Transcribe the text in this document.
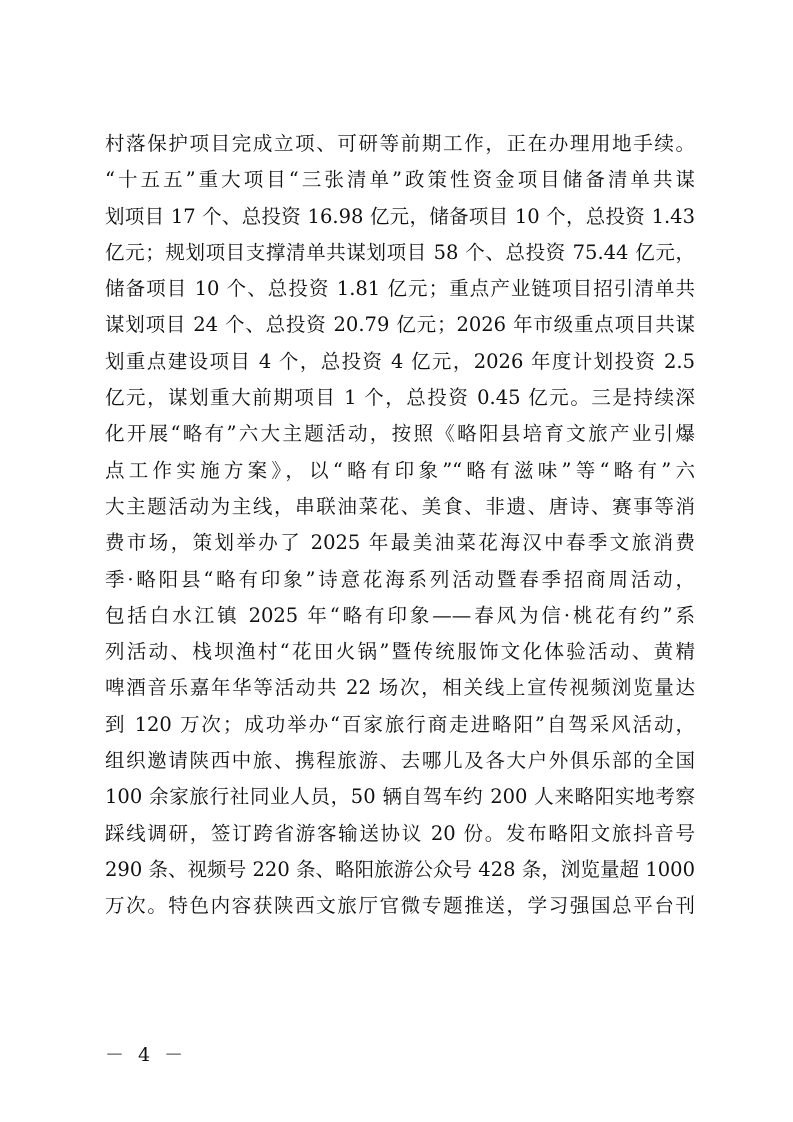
村落保护项目完成立项、可研等前期工作，正在办理用地手续。
“十五五”重大项目“三张清单”政策性资金项目储备清单共谋
划项目 17 个、总投资 16.98 亿元，储备项目 10 个，总投资 1.43
亿元；规划项目支撑清单共谋划项目 58 个、总投资 75.44 亿元，
储备项目 10 个、总投资 1.81 亿元；重点产业链项目招引清单共
谋划项目 24 个、总投资 20.79 亿元；2026 年市级重点项目共谋
划重点建设项目 4 个，总投资 4 亿元，2026 年度计划投资 2.5
亿元，谋划重大前期项目 1 个，总投资 0.45 亿元。三是持续深
化开展“略有”六大主题活动，按照《略阳县培育文旅产业引爆
点工作实施方案》，以“略有印象”“略有滋味”等“略有”六
大主题活动为主线，串联油菜花、美食、非遗、唐诗、赛事等消
费市场，策划举办了 2025 年最美油菜花海汉中春季文旅消费
季·略阳县“略有印象”诗意花海系列活动暨春季招商周活动，
包括白水江镇 2025 年“略有印象——春风为信·桃花有约”系
列活动、栈坝渔村“花田火锅”暨传统服饰文化体验活动、黄精
啤酒音乐嘉年华等活动共 22 场次，相关线上宣传视频浏览量达
到 120 万次；成功举办“百家旅行商走进略阳”自驾采风活动，
组织邀请陕西中旅、携程旅游、去哪儿及各大户外俱乐部的全国
100 余家旅行社同业人员，50 辆自驾车约 200 人来略阳实地考察
踩线调研，签订跨省游客输送协议 20 份。发布略阳文旅抖音号
290 条、视频号 220 条、略阳旅游公众号 428 条，浏览量超 1000
万次。特色内容获陕西文旅厅官微专题推送，学习强国总平台刊
－ 4 －
